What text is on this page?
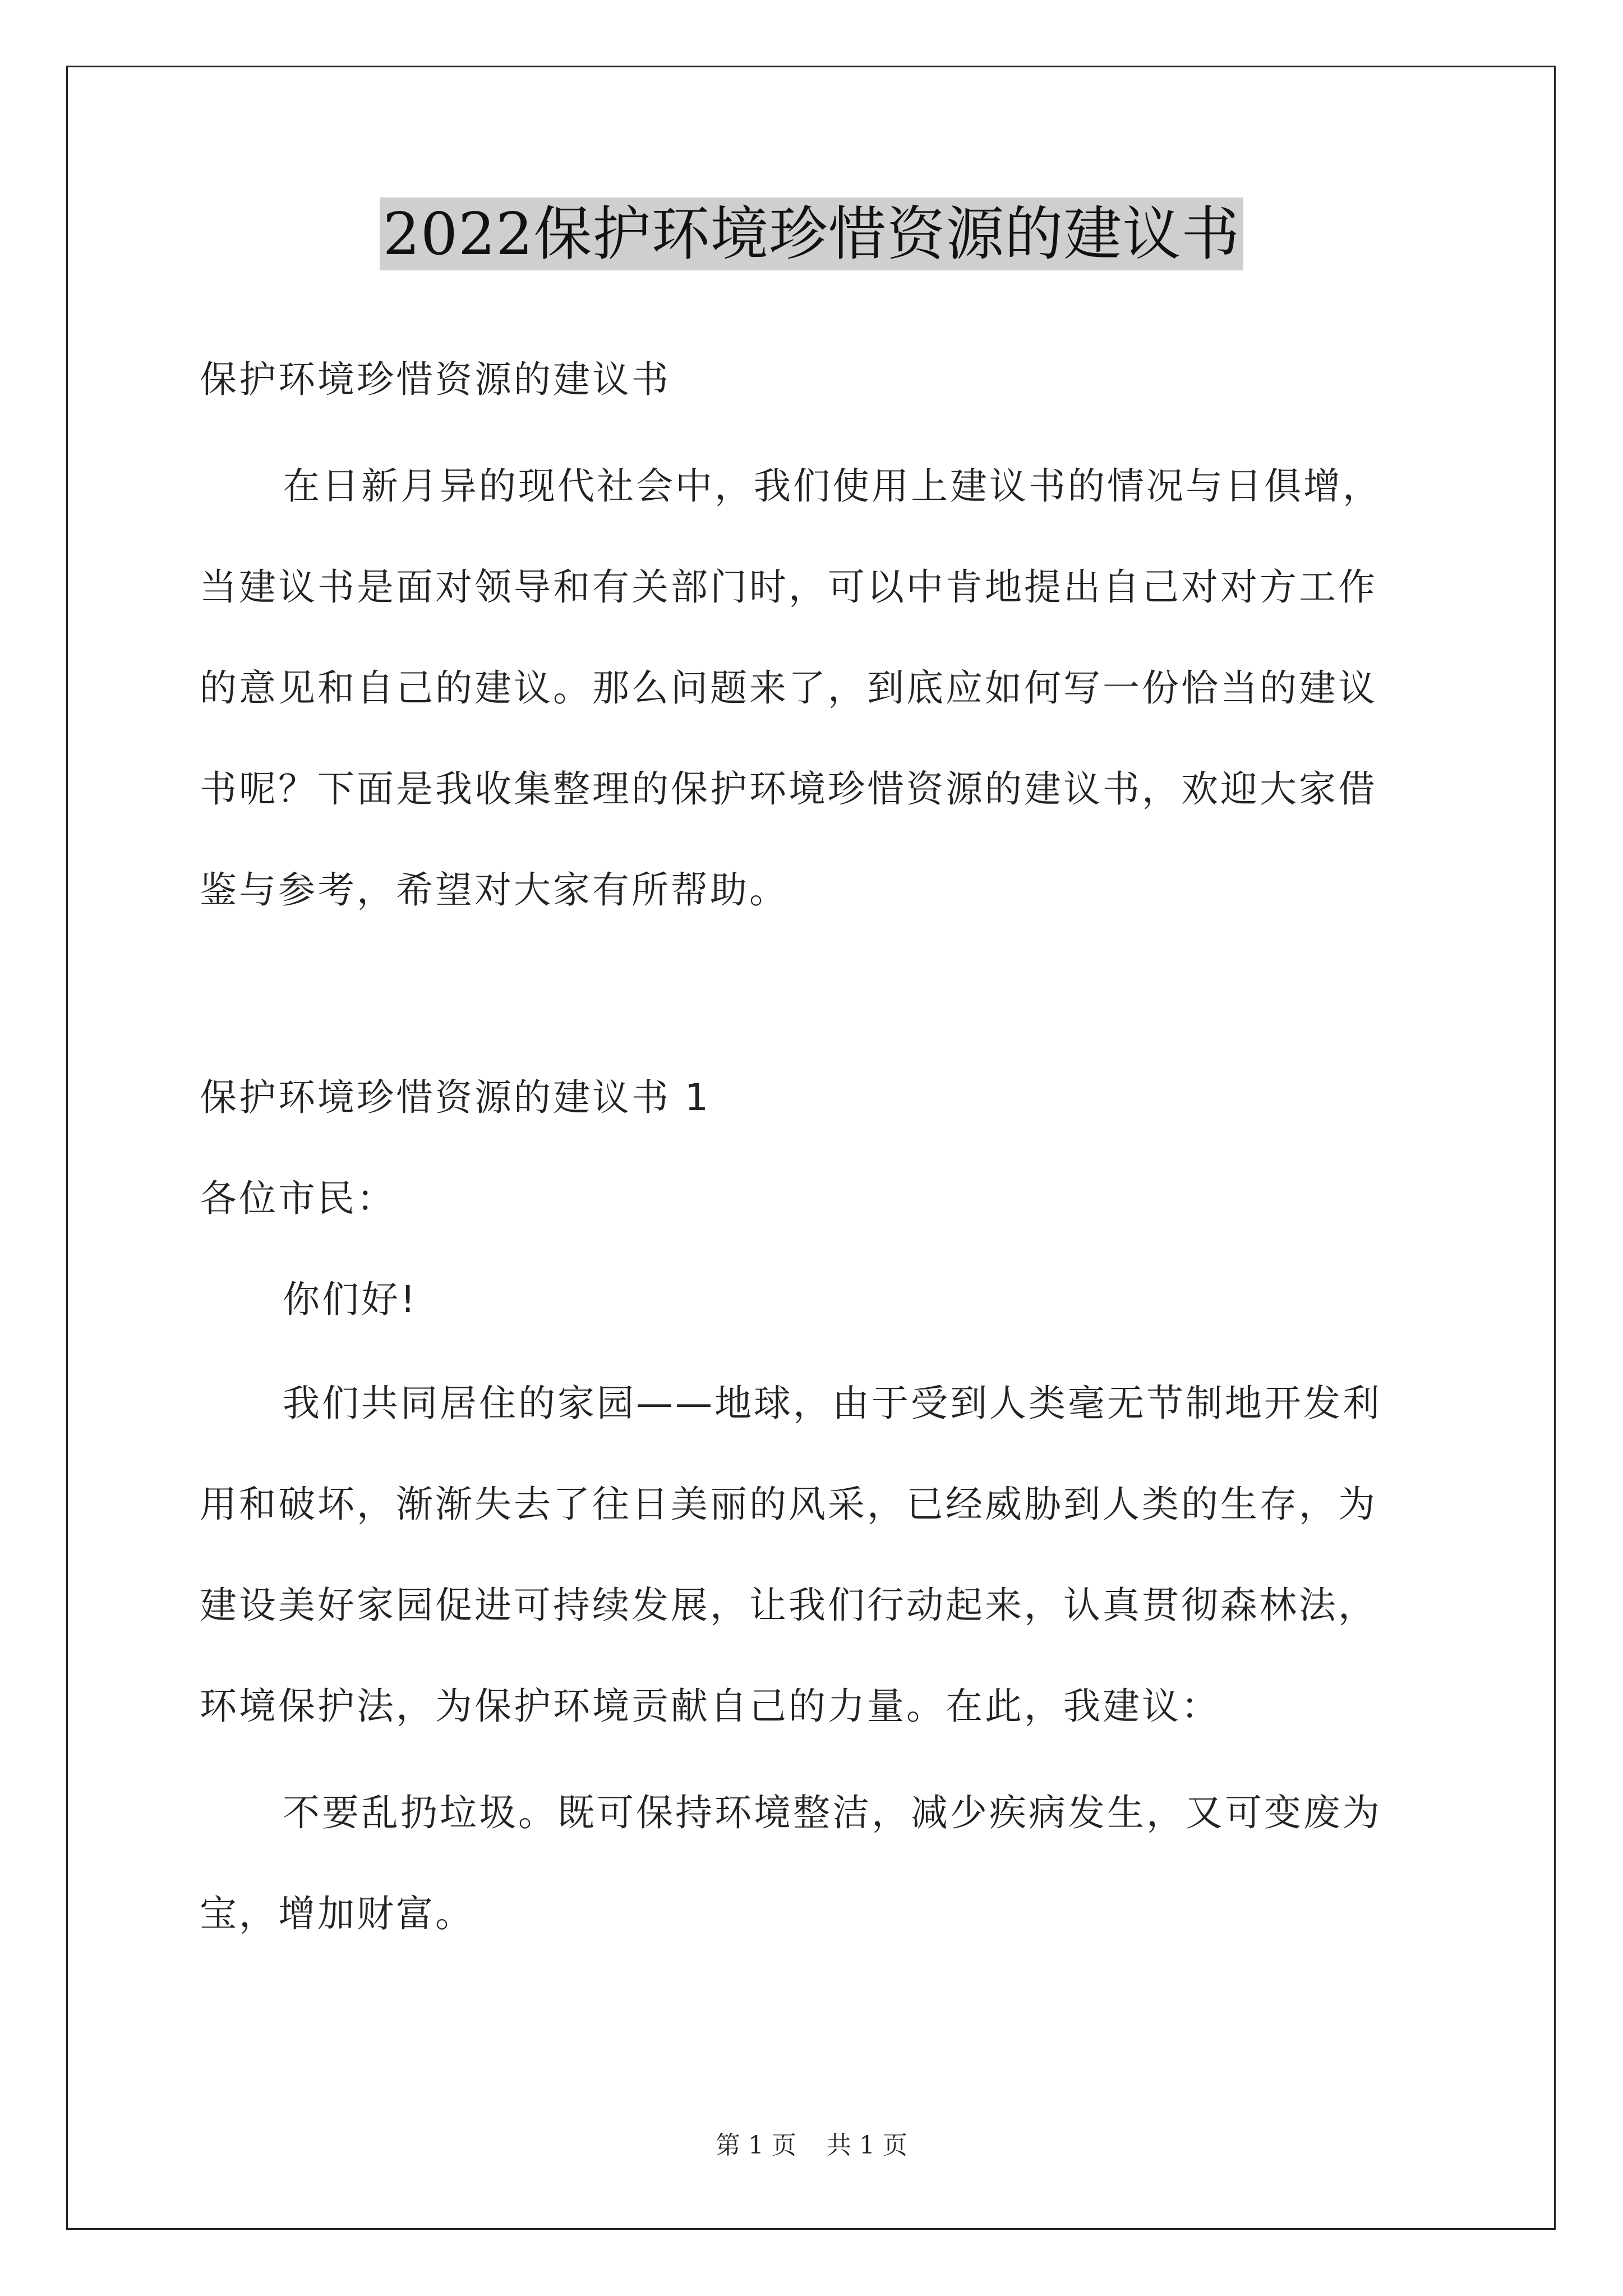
2022保护环境珍惜资源的建议书

保护环境珍惜资源的建议书

在日新月异的现代社会中，我们使用上建议书的情况与日俱增，

当建议书是面对领导和有关部门时，可以中肯地提出自己对对方工作

的意见和自己的建议。那么问题来了，到底应如何写一份恰当的建议

书呢？下面是我收集整理的保护环境珍惜资源的建议书，欢迎大家借

鉴与参考，希望对大家有所帮助。

保护环境珍惜资源的建议书 1

各位市民：

你们好!

我们共同居住的家园——地球，由于受到人类毫无节制地开发利

用和破坏，渐渐失去了往日美丽的风采，已经威胁到人类的生存，为

建设美好家园促进可持续发展，让我们行动起来，认真贯彻森林法，

环境保护法，为保护环境贡献自己的力量。在此，我建议：

不要乱扔垃圾。既可保持环境整洁，减少疾病发生，又可变废为

宝，增加财富。

第 1 页 共 1 页
